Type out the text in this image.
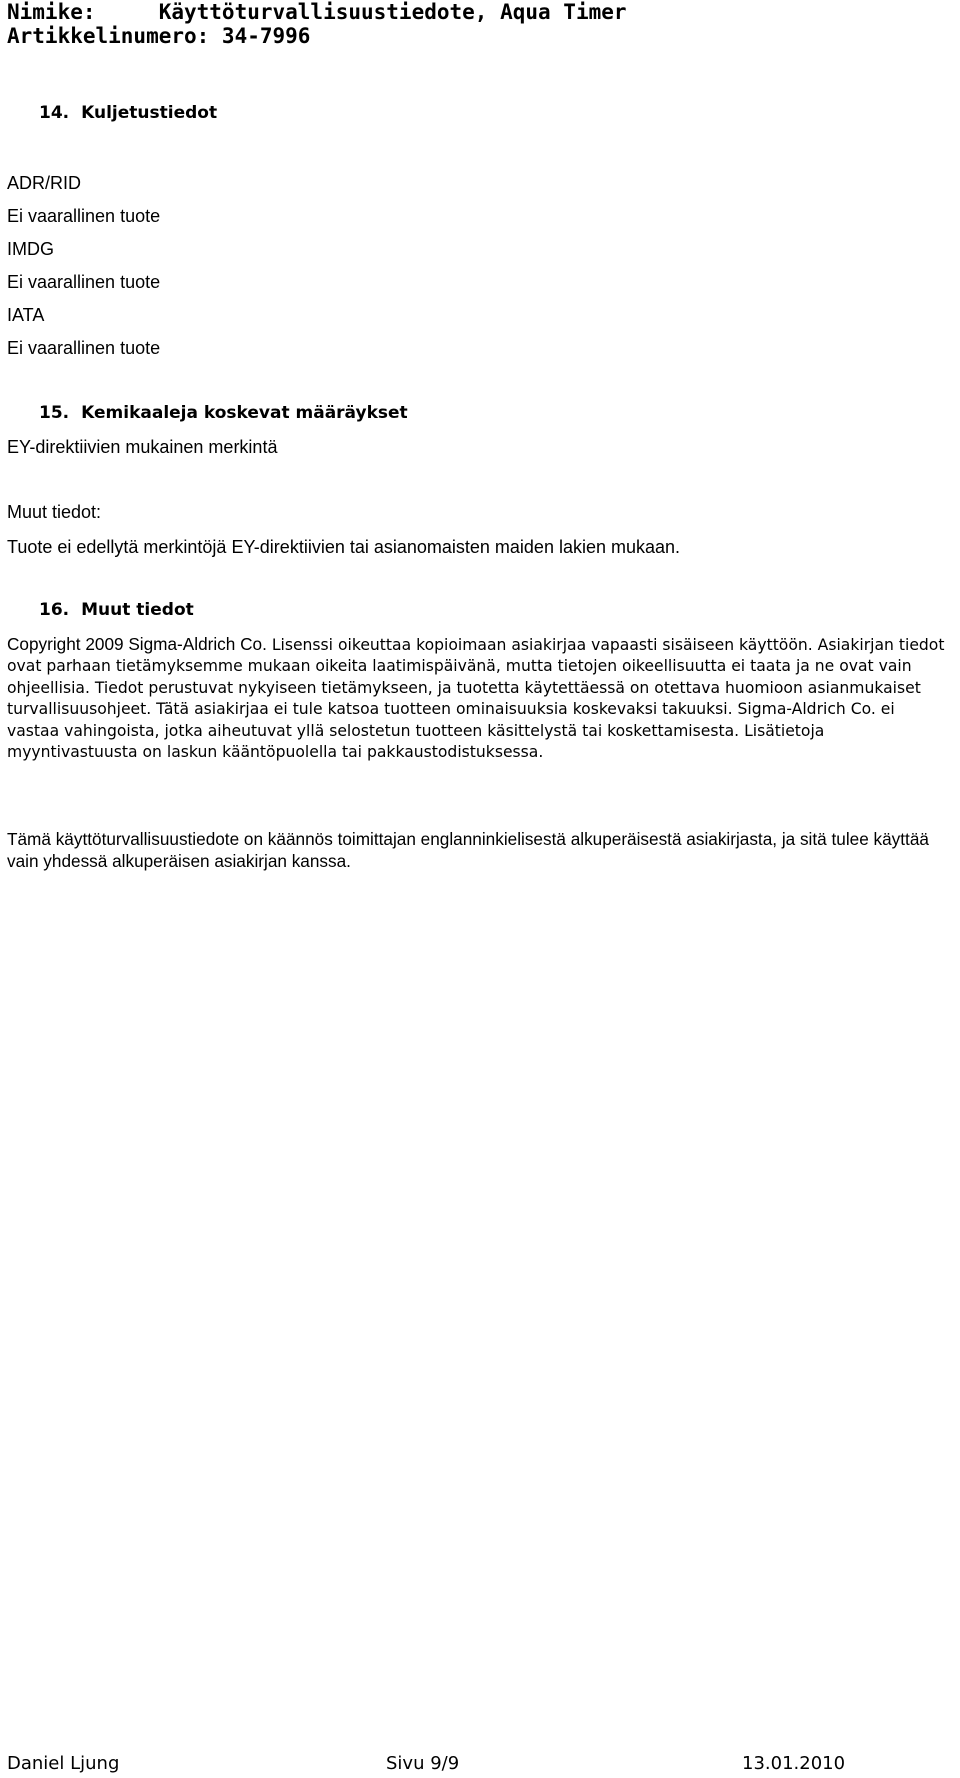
Nimike:     Käyttöturvallisuustiedote, Aqua Timer
Artikkelinumero: 34-7996
14. Kuljetustiedot
ADR/RID
Ei vaarallinen tuote
IMDG
Ei vaarallinen tuote
IATA
Ei vaarallinen tuote
15. Kemikaaleja koskevat määräykset
EY-direktiivien mukainen merkintä
Muut tiedot:
Tuote ei edellytä merkintöjä EY-direktiivien tai asianomaisten maiden lakien mukaan.
16. Muut tiedot
Copyright 2009 Sigma-Aldrich Co. Lisenssi oikeuttaa kopioimaan asiakirjaa vapaasti sisäiseen käyttöön. Asiakirjan tiedot ovat parhaan tietämyksemme mukaan oikeita laatimispäivänä, mutta tietojen oikeellisuutta ei taata ja ne ovat vain ohjeellisia. Tiedot perustuvat nykyiseen tietämykseen, ja tuotetta käytettäessä on otettava huomioon asianmukaiset turvallisuusohjeet. Tätä asiakirjaa ei tule katsoa tuotteen ominaisuuksia koskevaksi takuuksi. Sigma-Aldrich Co. ei vastaa vahingoista, jotka aiheutuvat yllä selostetun tuotteen käsittelystä tai koskettamisesta. Lisätietoja myyntivastuusta on laskun kääntöpuolella tai pakkaustodistuksessa.
Tämä käyttöturvallisuustiedote on käännös toimittajan englanninkielisestä alkuperäisestä asiakirjasta, ja sitä tulee käyttää vain yhdessä alkuperäisen asiakirjan kanssa.
Daniel Ljung	Sivu 9/9	13.01.2010
